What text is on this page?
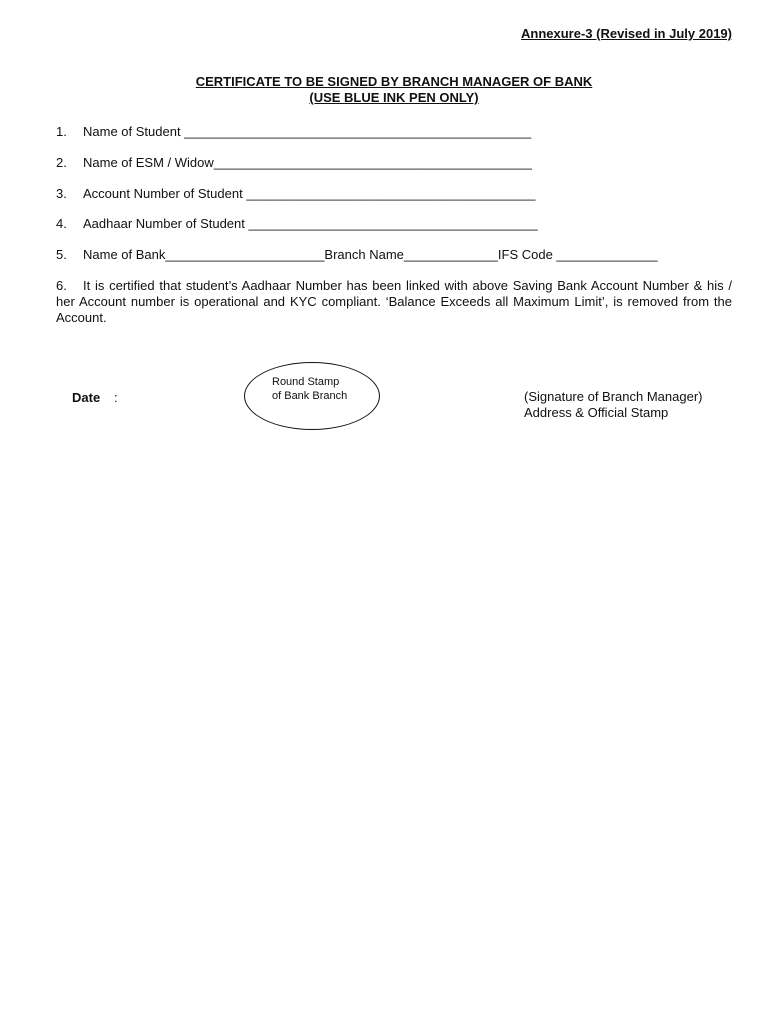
Annexure-3 (Revised in July 2019)
CERTIFICATE TO BE SIGNED BY BRANCH MANAGER OF BANK
(USE BLUE INK PEN ONLY)
1. Name of Student ________________________________________________
2. Name of ESM / Widow____________________________________________
3. Account Number of Student ________________________________________
4. Aadhaar Number of Student ________________________________________
5. Name of Bank______________________Branch Name_____________IFS Code ______________
6. It is certified that student’s Aadhaar Number has been linked with above Saving Bank Account Number & his / her Account number is operational and KYC compliant. ‘Balance Exceeds all Maximum Limit’, is removed from the Account.
Date :
Round Stamp
of Bank Branch	(Signature of Branch Manager)
Address & Official Stamp
